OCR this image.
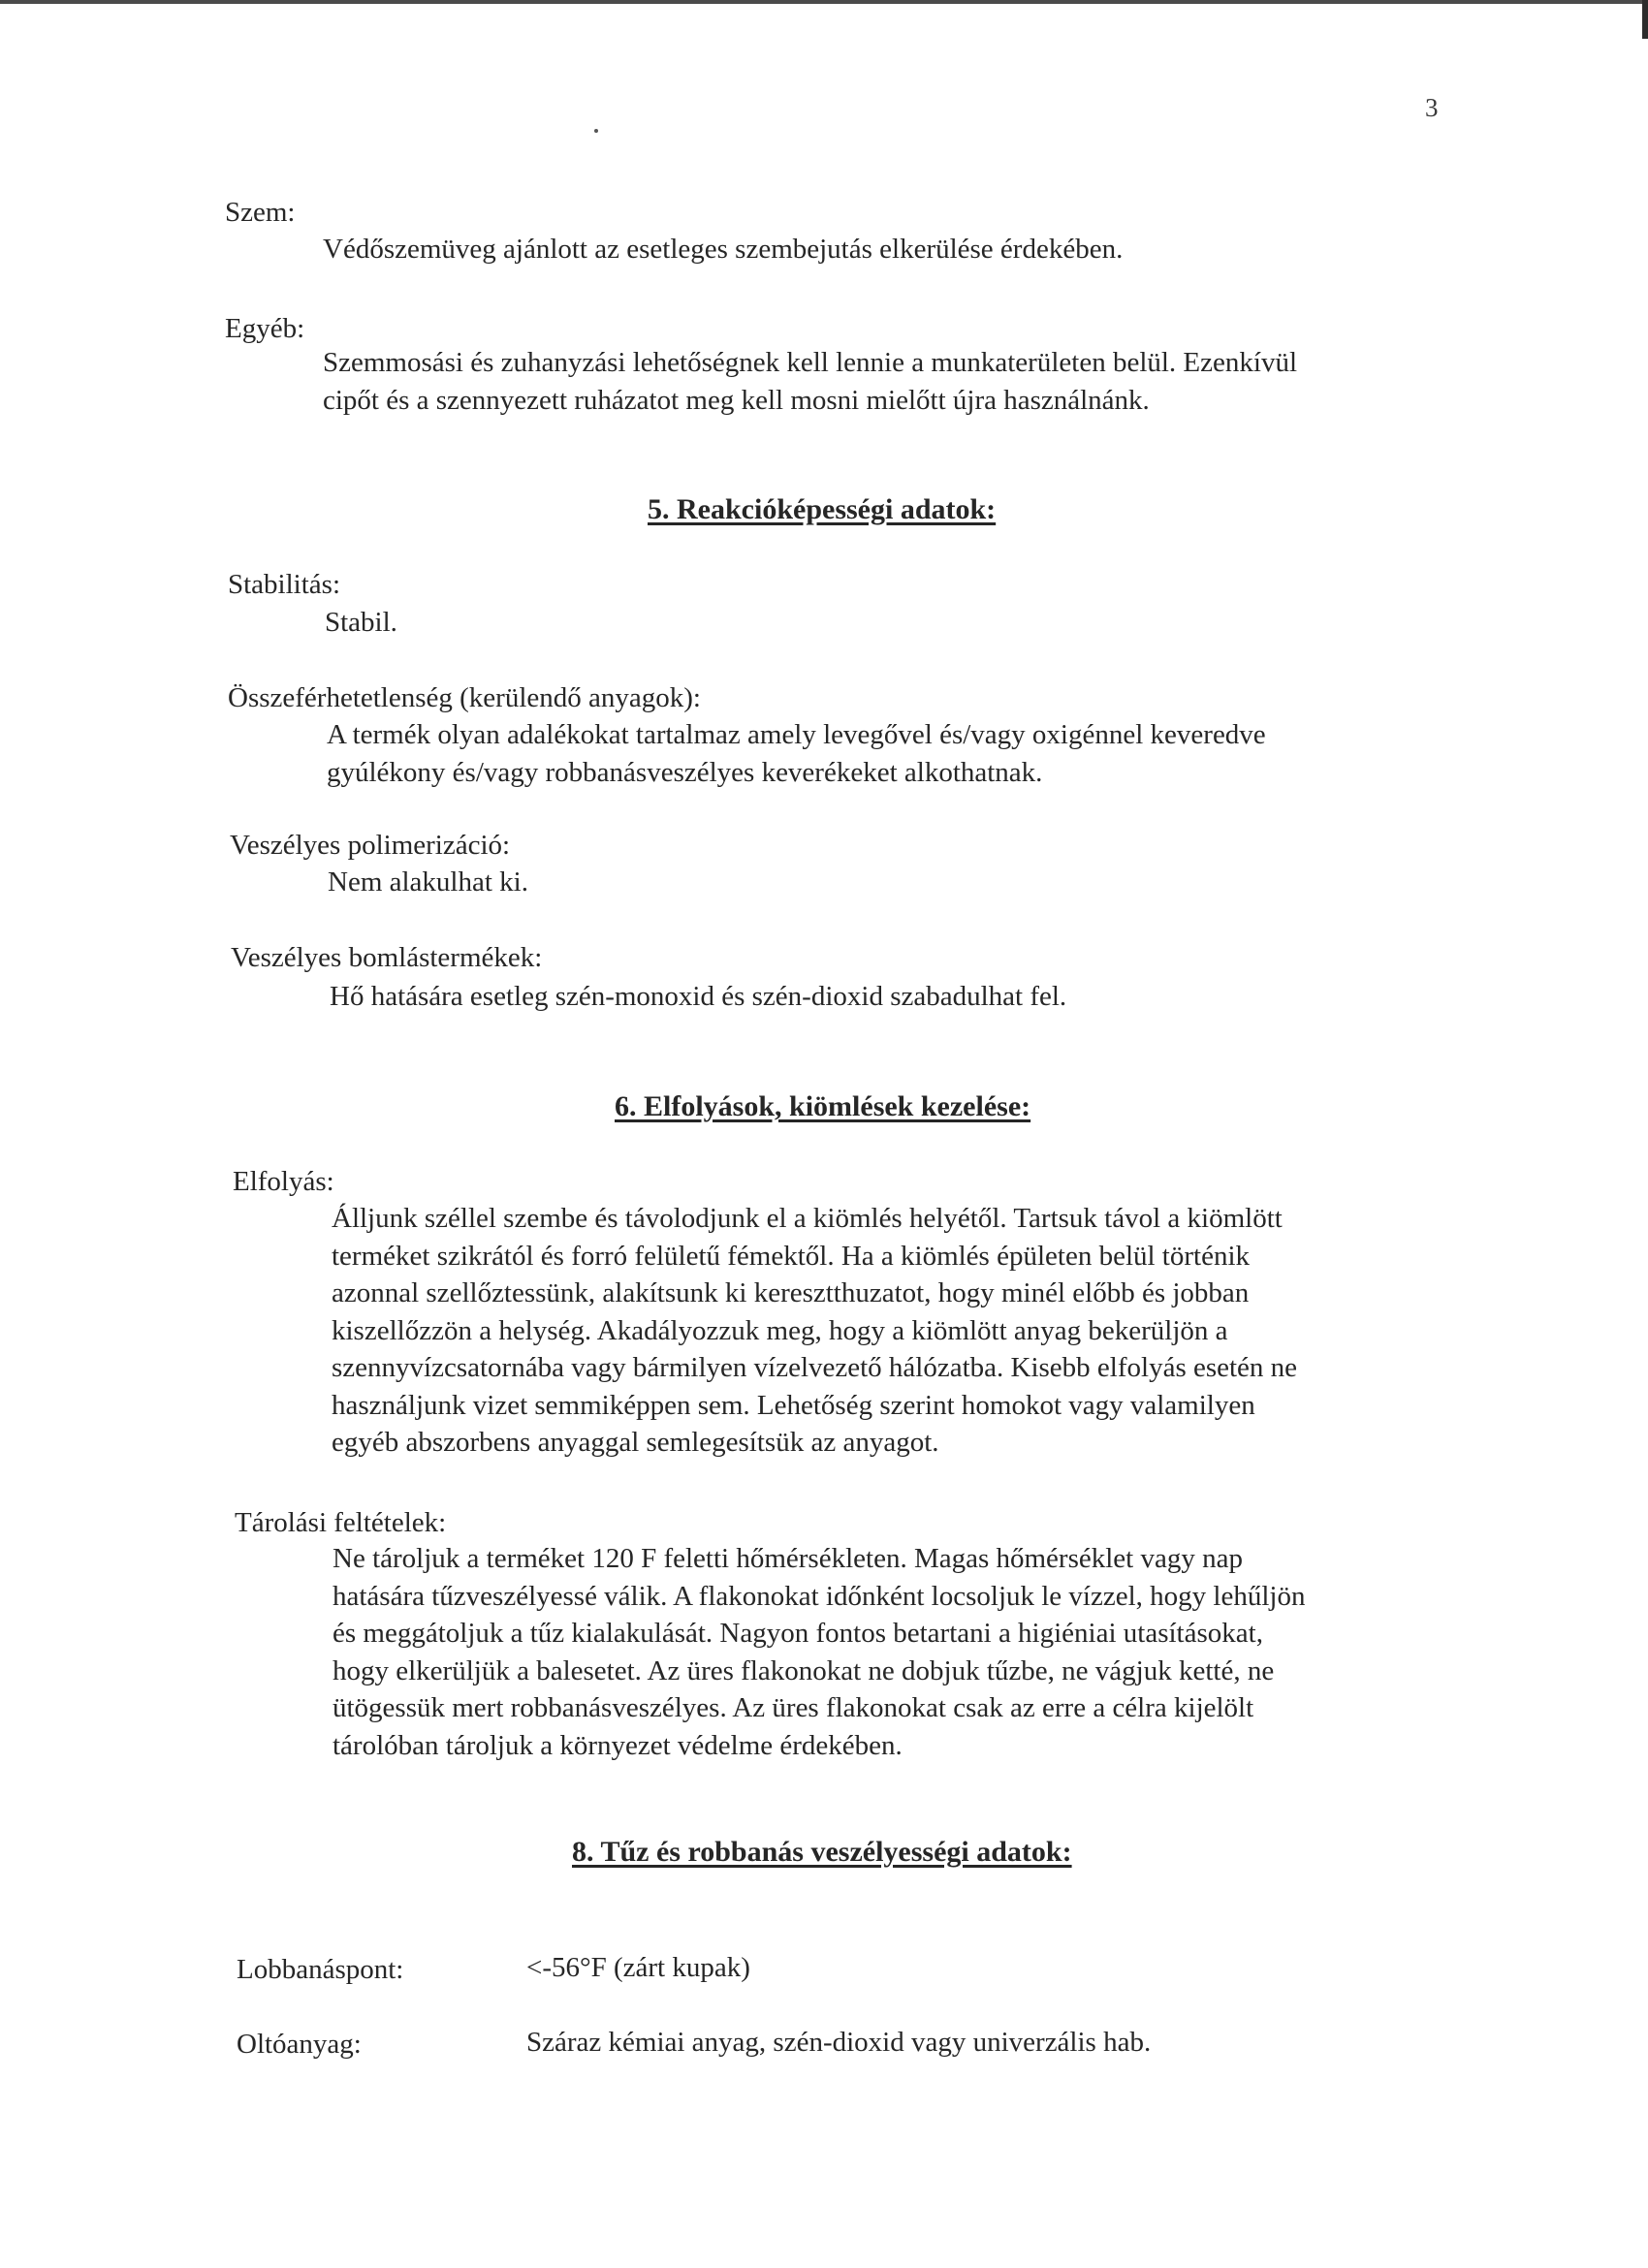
3
Szem:
Védőszemüveg ajánlott az esetleges szembejutás elkerülése érdekében.
Egyéb:
Szemmosási és zuhanyzási lehetőségnek kell lennie a munkaterületen belül. Ezenkívül
cipőt és a szennyezett ruházatot meg kell mosni mielőtt újra használnánk.
5. Reakcióképességi adatok:
Stabilitás:
Stabil.
Összeférhetetlenség (kerülendő anyagok):
A termék olyan adalékokat tartalmaz amely levegővel és/vagy oxigénnel keveredve
gyúlékony és/vagy robbanásveszélyes keverékeket alkothatnak.
Veszélyes polimerizáció:
Nem alakulhat ki.
Veszélyes bomlástermékek:
Hő hatására esetleg szén-monoxid és szén-dioxid szabadulhat fel.
6. Elfolyások, kiömlések kezelése:
Elfolyás:
Álljunk széllel szembe és távolodjunk el a kiömlés helyétől. Tartsuk távol a kiömlött
terméket szikrától és forró felületű fémektől. Ha a kiömlés épületen belül történik
azonnal szellőztessünk, alakítsunk ki keresztthuzatot, hogy minél előbb és jobban
kiszellőzzön a helység. Akadályozzuk meg, hogy a kiömlött anyag bekerüljön a
szennyvízcsatornába vagy bármilyen vízelvezető hálózatba. Kisebb elfolyás esetén ne
használjunk vizet semmiképpen sem. Lehetőség szerint homokot vagy valamilyen
egyéb abszorbens anyaggal semlegesítsük az anyagot.
Tárolási feltételek:
Ne tároljuk a terméket 120 F feletti hőmérsékleten. Magas hőmérséklet vagy nap
hatására tűzveszélyessé válik. A flakonokat időnként locsoljuk le vízzel, hogy lehűljön
és meggátoljuk a tűz kialakulását. Nagyon fontos betartani a higiéniai utasításokat,
hogy elkerüljük a balesetet. Az üres flakonokat ne dobjuk tűzbe, ne vágjuk ketté, ne
ütögessük mert robbanásveszélyes. Az üres flakonokat csak az erre a célra kijelölt
tárolóban tároljuk a környezet védelme érdekében.
8. Tűz és robbanás veszélyességi adatok:
Lobbanáspont:	<-56°F (zárt kupak)
Oltóanyag:	Száraz kémiai anyag, szén-dioxid vagy univerzális hab.
